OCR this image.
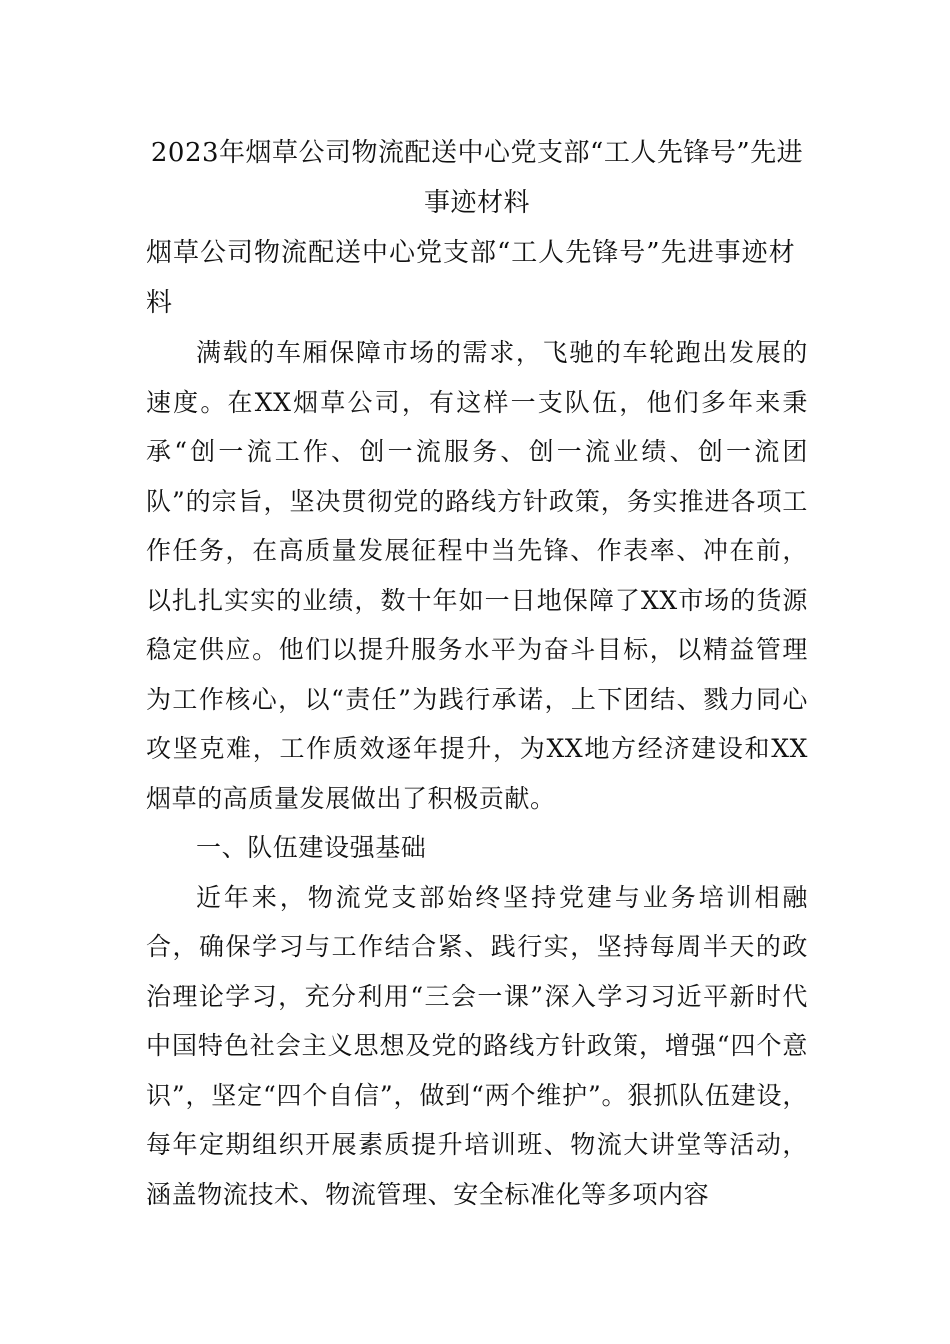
2023年烟草公司物流配送中心党支部“工人先锋号”先进事迹材料

烟草公司物流配送中心党支部“工人先锋号”先进事迹材料

满载的车厢保障市场的需求，飞驰的车轮跑出发展的速度。在XX烟草公司，有这样一支队伍，他们多年来秉承“创一流工作、创一流服务、创一流业绩、创一流团队”的宗旨，坚决贯彻党的路线方针政策，务实推进各项工作任务，在高质量发展征程中当先锋、作表率、冲在前，以扎扎实实的业绩，数十年如一日地保障了XX市场的货源稳定供应。他们以提升服务水平为奋斗目标，以精益管理为工作核心，以“责任”为践行承诺，上下团结、戮力同心攻坚克难，工作质效逐年提升，为XX地方经济建设和XX烟草的高质量发展做出了积极贡献。

一、队伍建设强基础

近年来，物流党支部始终坚持党建与业务培训相融合，确保学习与工作结合紧、践行实，坚持每周半天的政治理论学习，充分利用“三会一课”深入学习习近平新时代中国特色社会主义思想及党的路线方针政策，增强“四个意识”，坚定“四个自信”，做到“两个维护”。狠抓队伍建设，每年定期组织开展素质提升培训班、物流大讲堂等活动，涵盖物流技术、物流管理、安全标准化等多项内容
